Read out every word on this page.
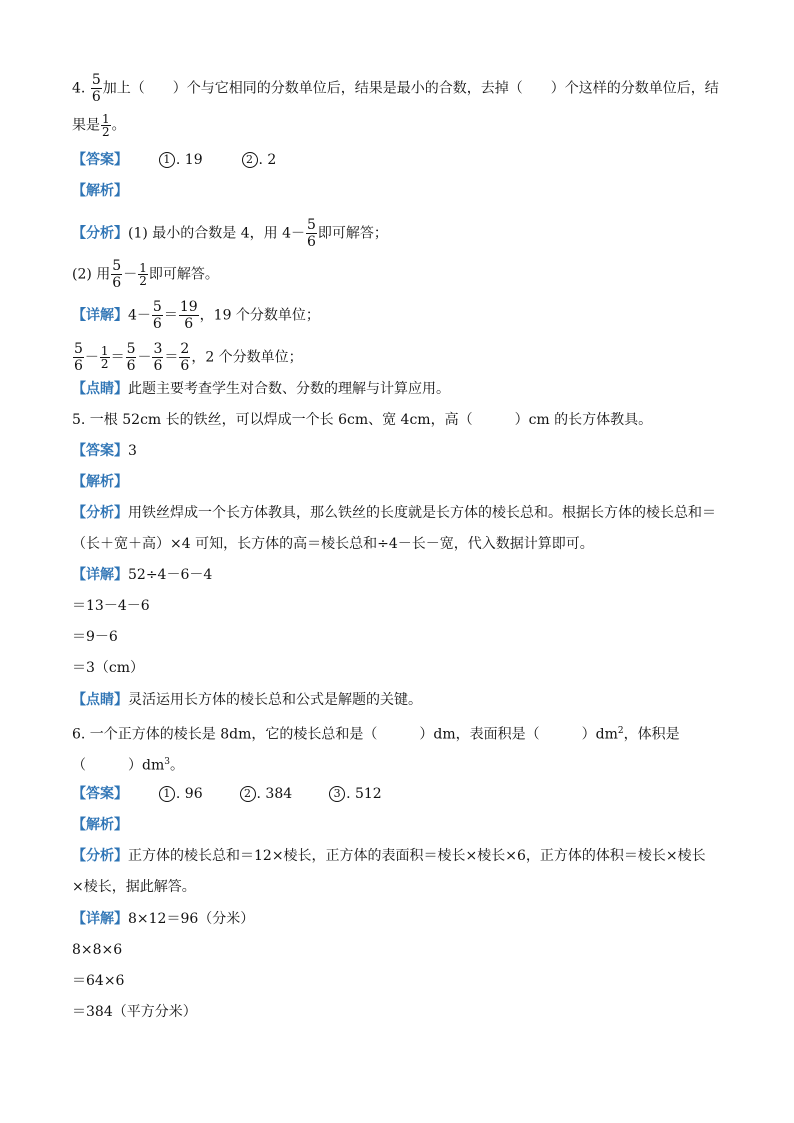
4. $\frac{5}{6}$ 加上（　　）个与它相同的分数单位后，结果是最小的合数，去掉（　　）个这样的分数单位后，结
果是 $\frac{1}{2}$ 。
【答案】	1 . 19	2 . 2
【解析】
【分析】(1) 最小的合数是 4，用 $4- \frac{5}{6}$ 即可解答；
(2) 用 $\frac{5}{6} - \frac{1}{2}$ 即可解答。
【详解】$4- \frac{5}{6} = \frac{19}{6}$ ，19 个分数单位；
$\frac{5}{6} - \frac{1}{2} = \frac{5}{6} - \frac{3}{6} = \frac{2}{6}$ ，2 个分数单位；
【点睛】此题主要考查学生对合数、分数的理解与计算应用。
5. 一根 52cm 长的铁丝，可以焊成一个长 6cm、宽 4cm，高（　　　）cm 的长方体教具。
【答案】3
【解析】
【分析】用铁丝焊成一个长方体教具，那么铁丝的长度就是长方体的棱长总和。根据长方体的棱长总和＝
（长＋宽＋高）×4 可知，长方体的高＝棱长总和÷4－长－宽，代入数据计算即可。
【详解】52÷4－6－4
＝13－4－6
＝9－6
＝3（cm）
【点睛】灵活运用长方体的棱长总和公式是解题的关键。
6. 一个正方体的棱长是 8dm，它的棱长总和是（　　　）dm，表面积是（　　　）$dm^2$，体积是
（　　　）$dm^3$。
【答案】	1 . 96	2 . 384	3 . 512
【解析】
【分析】正方体的棱长总和＝12×棱长，正方体的表面积＝棱长×棱长×6，正方体的体积＝棱长×棱长
×棱长，据此解答。
【详解】8×12＝96（分米）
8×8×6
＝64×6
＝384（平方分米）
